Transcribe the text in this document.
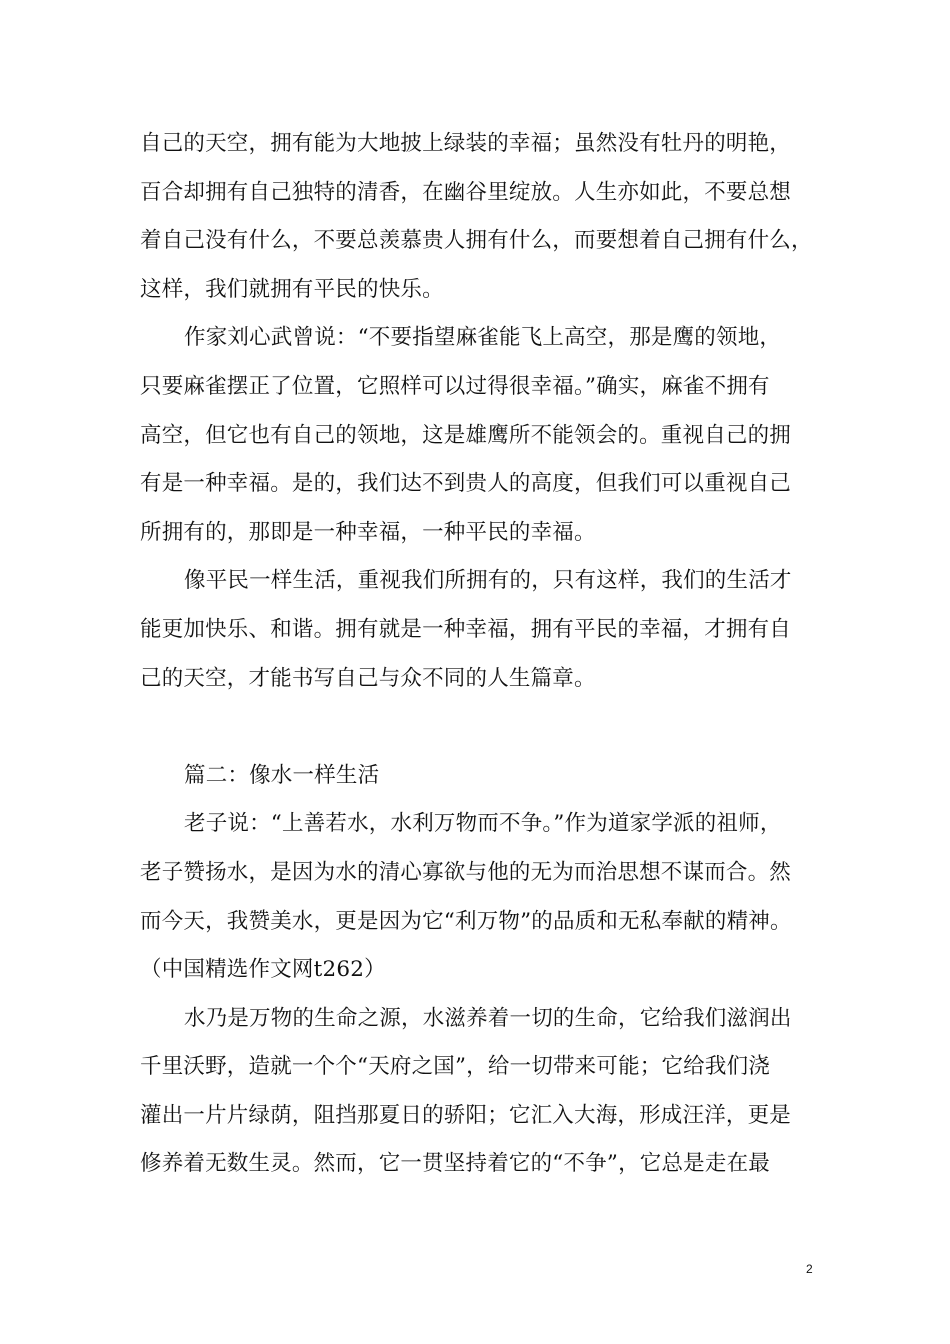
自己的天空，拥有能为大地披上绿装的幸福；虽然没有牡丹的明艳，
百合却拥有自己独特的清香，在幽谷里绽放。人生亦如此，不要总想
着自己没有什么，不要总羡慕贵人拥有什么，而要想着自己拥有什么，
这样，我们就拥有平民的快乐。
作家刘心武曾说：“不要指望麻雀能飞上高空，那是鹰的领地，
只要麻雀摆正了位置，它照样可以过得很幸福。”确实，麻雀不拥有
高空，但它也有自己的领地，这是雄鹰所不能领会的。重视自己的拥
有是一种幸福。是的，我们达不到贵人的高度，但我们可以重视自己
所拥有的，那即是一种幸福，一种平民的幸福。
像平民一样生活，重视我们所拥有的，只有这样，我们的生活才
能更加快乐、和谐。拥有就是一种幸福，拥有平民的幸福，才拥有自
己的天空，才能书写自己与众不同的人生篇章。
篇二：像水一样生活
老子说：“上善若水，水利万物而不争。”作为道家学派的祖师，
老子赞扬水，是因为水的清心寡欲与他的无为而治思想不谋而合。然
而今天，我赞美水，更是因为它“利万物”的品质和无私奉献的精神。
（中国精选作文网t262）
水乃是万物的生命之源，水滋养着一切的生命，它给我们滋润出
千里沃野，造就一个个“天府之国”，给一切带来可能；它给我们浇
灌出一片片绿荫，阻挡那夏日的骄阳；它汇入大海，形成汪洋，更是
修养着无数生灵。然而，它一贯坚持着它的“不争”，它总是走在最
2
